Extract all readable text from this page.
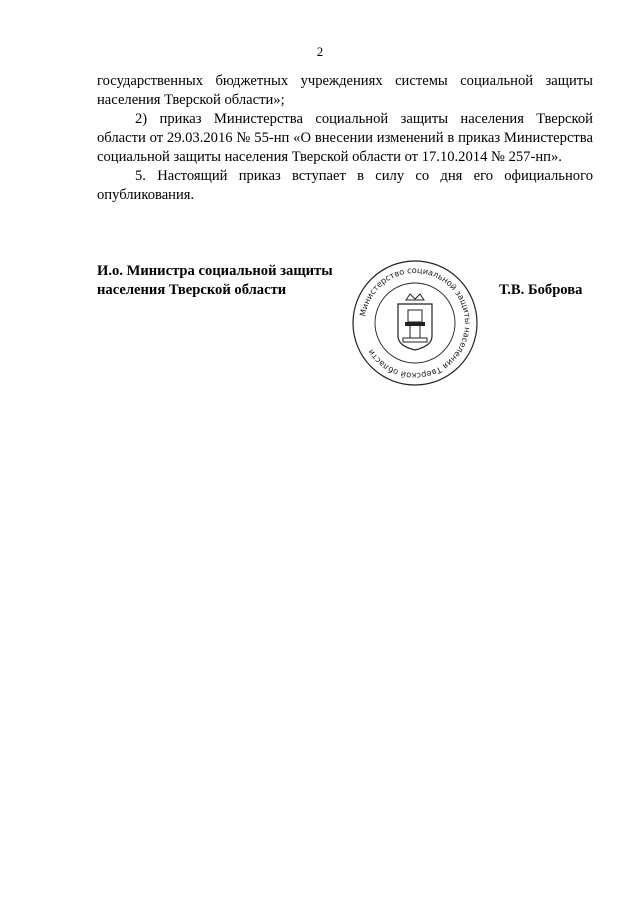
2

государственных бюджетных учреждениях системы социальной защиты населения Тверской области»;

2) приказ Министерства социальной защиты населения Тверской области от 29.03.2016 № 55-нп «О внесении изменений в приказ Министерства социальной защиты населения Тверской области от 17.10.2014 № 257-нп».

5. Настоящий приказ вступает в силу со дня его официального опубликования.

И.о. Министра социальной защиты
населения Тверской области
Министерство социальной защиты населения Тверской области
Т.В. Боброва
